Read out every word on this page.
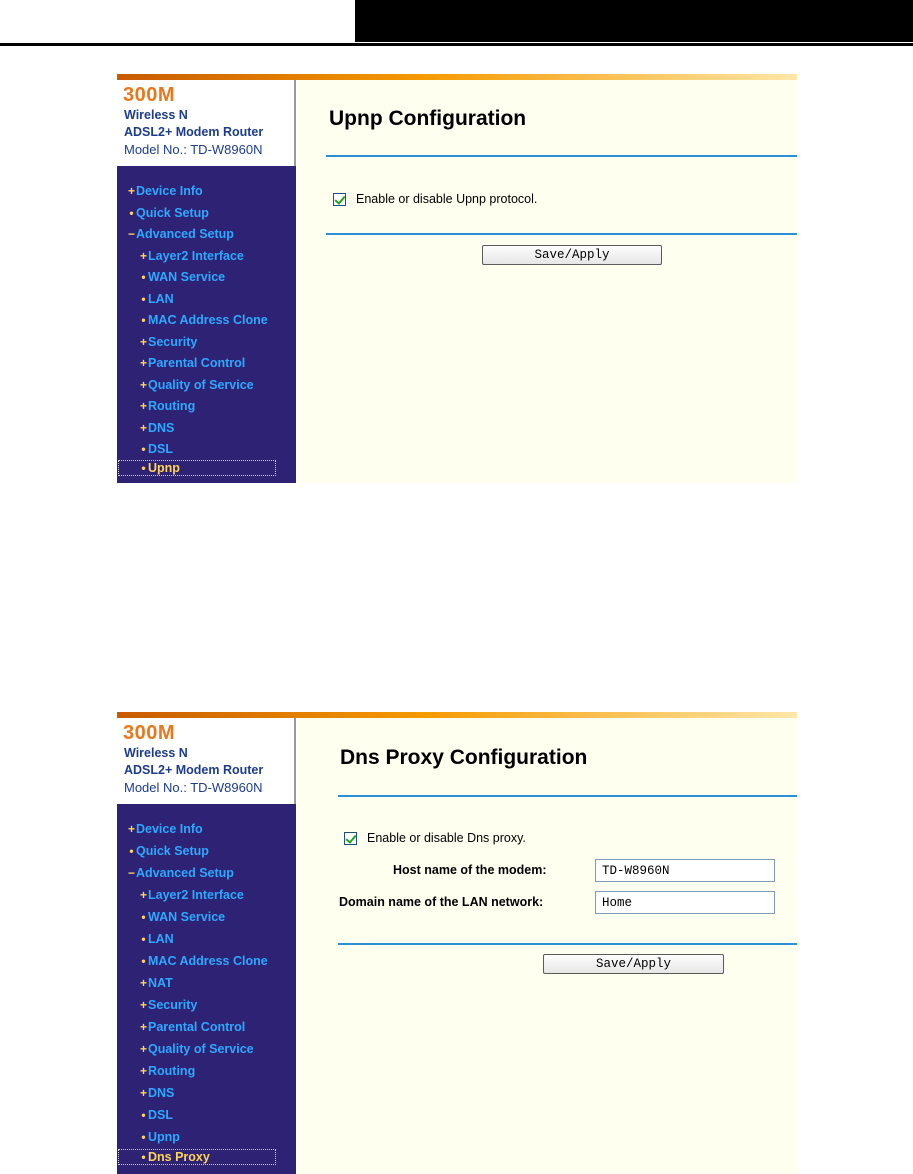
300M
Wireless N
ADSL2+ Modem Router
Model No.: TD-W8960N
+Device Info
• Quick Setup
−Advanced Setup
+Layer2 Interface
• WAN Service
• LAN
• MAC Address Clone
+Security
+Parental Control
+Quality of Service
+Routing
+DNS
• DSL
• Upnp
Upnp Configuration
Enable or disable Upnp protocol.
Save/Apply
300M
Wireless N
ADSL2+ Modem Router
Model No.: TD-W8960N
+Device Info
• Quick Setup
−Advanced Setup
+Layer2 Interface
• WAN Service
• LAN
• MAC Address Clone
+NAT
+Security
+Parental Control
+Quality of Service
+Routing
+DNS
• DSL
• Upnp
• Dns Proxy
Dns Proxy Configuration
Enable or disable Dns proxy.
Host name of the modem:
TD-W8960N
Domain name of the LAN network:
Home
Save/Apply
